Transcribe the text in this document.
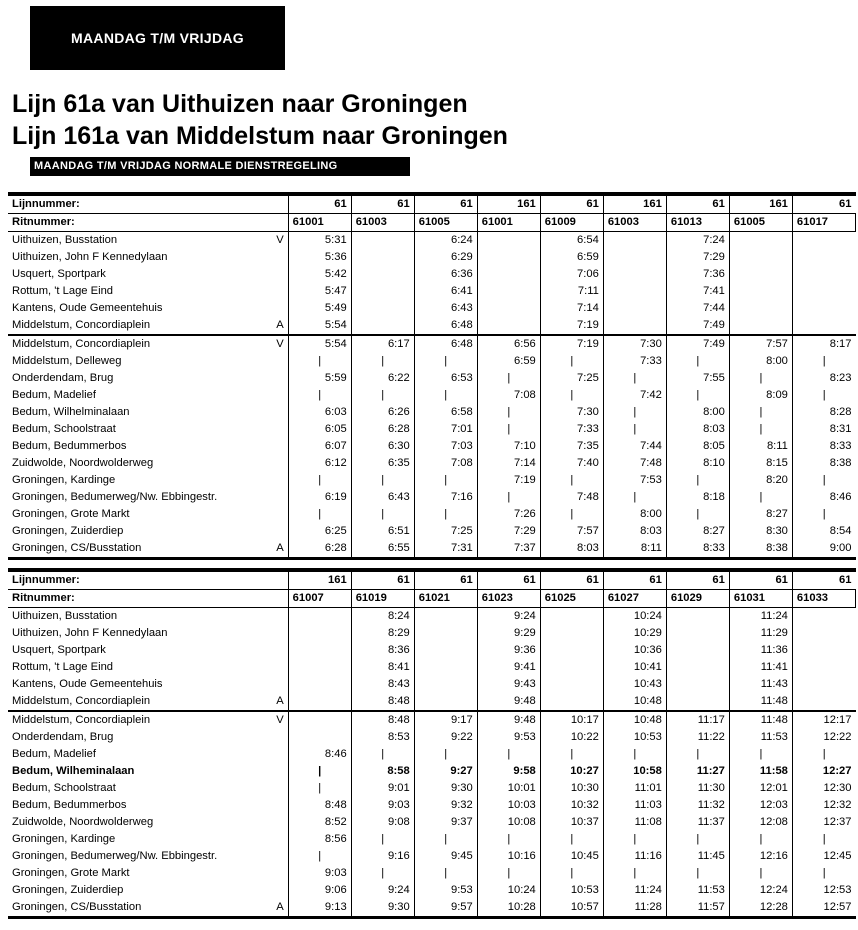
MAANDAG T/M VRIJDAG
Lijn 61a van Uithuizen naar Groningen
Lijn 161a van Middelstum naar Groningen
MAANDAG T/M VRIJDAG NORMALE DIENSTREGELING
Lijnnummer:	61	61	61	161	61	161	61	161	61
Ritnummer:	61001	61003	61005	61001	61009	61003	61013	61005	61017
Uithuizen, Busstation V	5:31		6:24		6:54		7:24		
Uithuizen, John F Kennedylaan	5:36		6:29		6:59		7:29		
Usquert, Sportpark	5:42		6:36		7:06		7:36		
Rottum, 't Lage Eind	5:47		6:41		7:11		7:41		
Kantens, Oude Gemeentehuis	5:49		6:43		7:14		7:44		
Middelstum, Concordiaplein A	5:54		6:48		7:19		7:49		
Middelstum, Concordiaplein V	5:54	6:17	6:48	6:56	7:19	7:30	7:49	7:57	8:17
Middelstum, Delleweg	|	|	|	6:59	|	7:33	|	8:00	|
Onderdendam, Brug	5:59	6:22	6:53	|	7:25	|	7:55	|	8:23
Bedum, Madelief	|	|	|	7:08	|	7:42	|	8:09	|
Bedum, Wilhelminalaan	6:03	6:26	6:58	|	7:30	|	8:00	|	8:28
Bedum, Schoolstraat	6:05	6:28	7:01	|	7:33	|	8:03	|	8:31
Bedum, Bedummerbos	6:07	6:30	7:03	7:10	7:35	7:44	8:05	8:11	8:33
Zuidwolde, Noordwolderweg	6:12	6:35	7:08	7:14	7:40	7:48	8:10	8:15	8:38
Groningen, Kardinge	|	|	|	7:19	|	7:53	|	8:20	|
Groningen, Bedumerweg/Nw. Ebbingestr.	6:19	6:43	7:16	|	7:48	|	8:18	|	8:46
Groningen, Grote Markt	|	|	|	7:26	|	8:00	|	8:27	|
Groningen, Zuiderdiep	6:25	6:51	7:25	7:29	7:57	8:03	8:27	8:30	8:54
Groningen, CS/Busstation A	6:28	6:55	7:31	7:37	8:03	8:11	8:33	8:38	9:00
Lijnnummer:	161	61	61	61	61	61	61	61	61
Ritnummer:	61007	61019	61021	61023	61025	61027	61029	61031	61033
Uithuizen, Busstation		8:24		9:24		10:24		11:24	
Uithuizen, John F Kennedylaan		8:29		9:29		10:29		11:29	
Usquert, Sportpark		8:36		9:36		10:36		11:36	
Rottum, 't Lage Eind		8:41		9:41		10:41		11:41	
Kantens, Oude Gemeentehuis		8:43		9:43		10:43		11:43	
Middelstum, Concordiaplein A		8:48		9:48		10:48		11:48	
Middelstum, Concordiaplein V		8:48	9:17	9:48	10:17	10:48	11:17	11:48	12:17
Onderdendam, Brug		8:53	9:22	9:53	10:22	10:53	11:22	11:53	12:22
Bedum, Madelief	8:46	|	|	|	|	|	|	|	|
Bedum, Wilheminalaan	|	8:58	9:27	9:58	10:27	10:58	11:27	11:58	12:27
Bedum, Schoolstraat	|	9:01	9:30	10:01	10:30	11:01	11:30	12:01	12:30
Bedum, Bedummerbos	8:48	9:03	9:32	10:03	10:32	11:03	11:32	12:03	12:32
Zuidwolde, Noordwolderweg	8:52	9:08	9:37	10:08	10:37	11:08	11:37	12:08	12:37
Groningen, Kardinge	8:56	|	|	|	|	|	|	|	|
Groningen, Bedumerweg/Nw. Ebbingestr.	|	9:16	9:45	10:16	10:45	11:16	11:45	12:16	12:45
Groningen, Grote Markt	9:03	|	|	|	|	|	|	|	|
Groningen, Zuiderdiep	9:06	9:24	9:53	10:24	10:53	11:24	11:53	12:24	12:53
Groningen, CS/Busstation A	9:13	9:30	9:57	10:28	10:57	11:28	11:57	12:28	12:57
